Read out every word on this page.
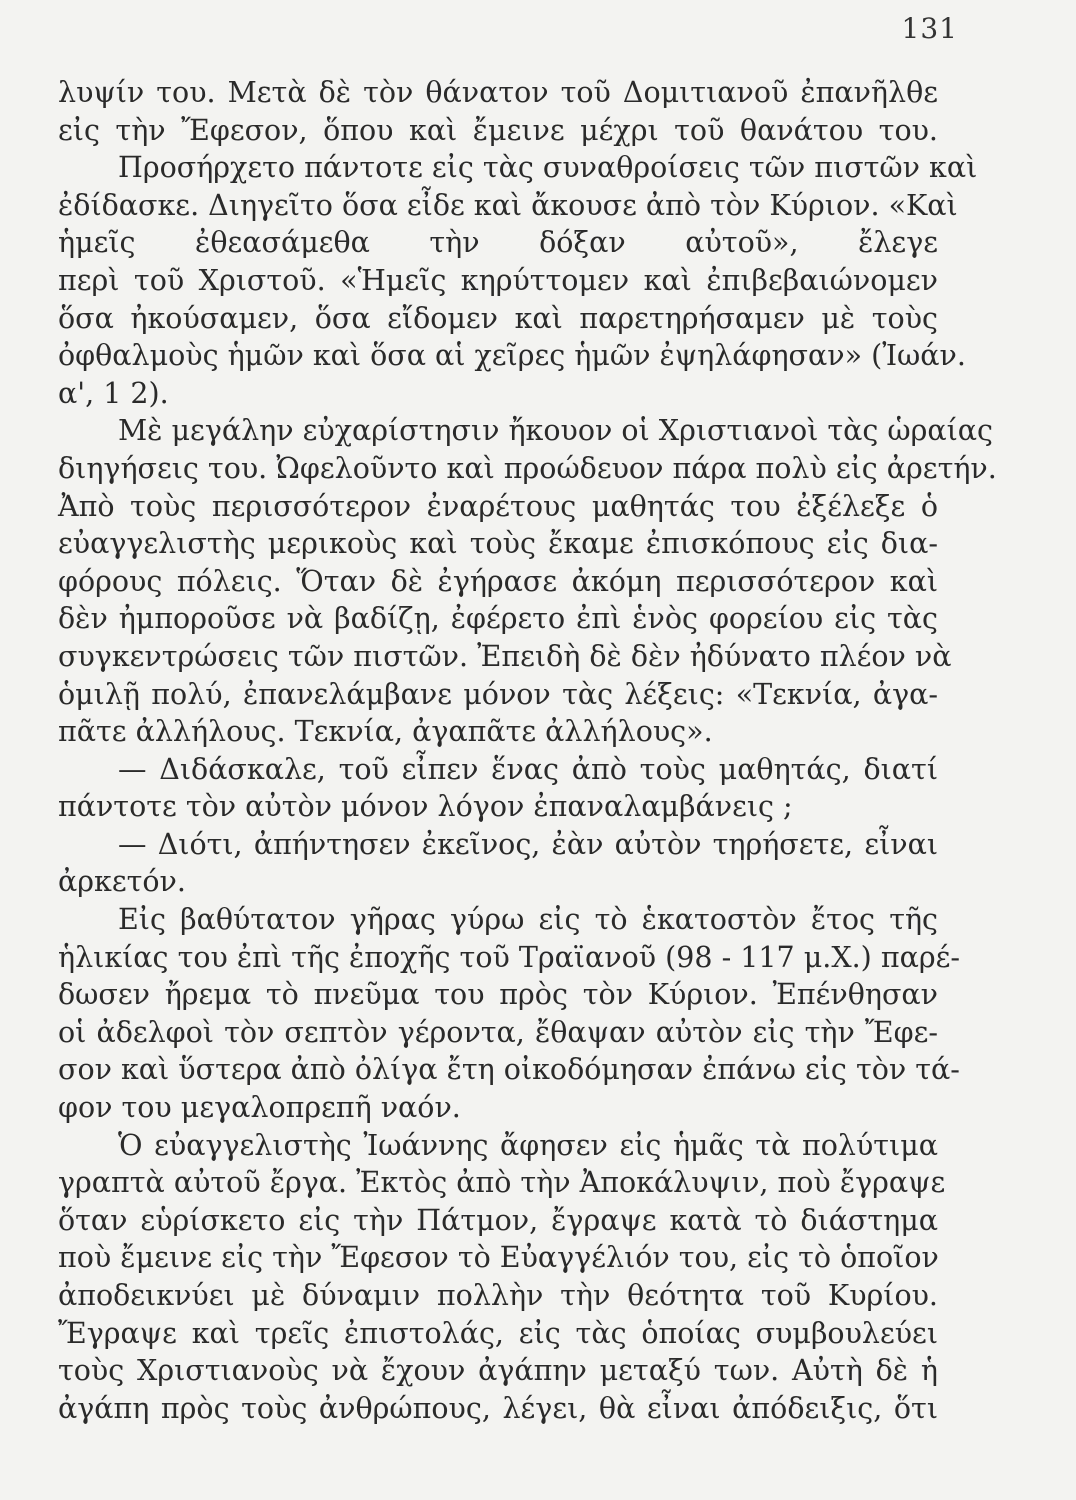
131
λυψίν του. Μετὰ δὲ τὸν θάνατον τοῦ Δομιτιανοῦ ἐπανῆλθε
εἰς τὴν Ἔφεσον, ὅπου καὶ ἔμεινε μέχρι τοῦ θανάτου του.
Προσήρχετο πάντοτε εἰς τὰς συναθροίσεις τῶν πιστῶν καὶ
ἐδίδασκε. Διηγεῖτο ὅσα εἶδε καὶ ἄκουσε ἀπὸ τὸν Κύριον. «Καὶ
ἡμεῖς ἐθεασάμεθα τὴν δόξαν αὐτοῦ», ἔλεγε
περὶ τοῦ Χριστοῦ. «Ἡμεῖς κηρύττομεν καὶ ἐπιβεβαιώνομεν
ὅσα ἠκούσαμεν, ὅσα εἴδομεν καὶ παρετηρήσαμεν μὲ τοὺς
ὀφθαλμοὺς ἡμῶν καὶ ὅσα αἱ χεῖρες ἡμῶν ἐψηλάφησαν» (Ἰωάν.
α', 1 2).
Μὲ μεγάλην εὐχαρίστησιν ἤκουον οἱ Χριστιανοὶ τὰς ὡραίας
διηγήσεις του. Ὠφελοῦντο καὶ προώδευον πάρα πολὺ εἰς ἀρετήν.
Ἀπὸ τοὺς περισσότερον ἐναρέτους μαθητάς του ἐξέλεξε ὁ
εὐαγγελιστὴς μερικοὺς καὶ τοὺς ἔκαμε ἐπισκόπους εἰς δια-
φόρους πόλεις. Ὅταν δὲ ἐγήρασε ἀκόμη περισσότερον καὶ
δὲν ἠμποροῦσε νὰ βαδίζῃ, ἐφέρετο ἐπὶ ἑνὸς φορείου εἰς τὰς
συγκεντρώσεις τῶν πιστῶν. Ἐπειδὴ δὲ δὲν ἠδύνατο πλέον νὰ
ὁμιλῇ πολύ, ἐπανελάμβανε μόνον τὰς λέξεις: «Τεκνία, ἀγα-
πᾶτε ἀλλήλους. Τεκνία, ἀγαπᾶτε ἀλλήλους».
— Διδάσκαλε, τοῦ εἶπεν ἕνας ἀπὸ τοὺς μαθητάς, διατί
πάντοτε τὸν αὐτὸν μόνον λόγον ἐπαναλαμβάνεις ;
— Διότι, ἀπήντησεν ἐκεῖνος, ἐὰν αὐτὸν τηρήσετε, εἶναι
ἀρκετόν.
Εἰς βαθύτατον γῆρας γύρω εἰς τὸ ἑκατοστὸν ἔτος τῆς
ἡλικίας του ἐπὶ τῆς ἐποχῆς τοῦ Τραϊανοῦ (98 - 117 μ.Χ.) παρέ-
δωσεν ἤρεμα τὸ πνεῦμα του πρὸς τὸν Κύριον. Ἐπένθησαν
οἱ ἀδελφοὶ τὸν σεπτὸν γέροντα, ἔθαψαν αὐτὸν εἰς τὴν Ἔφε-
σον καὶ ὕστερα ἀπὸ ὀλίγα ἔτη οἰκοδόμησαν ἐπάνω εἰς τὸν τά-
φον του μεγαλοπρεπῆ ναόν.
Ὁ εὐαγγελιστὴς Ἰωάννης ἄφησεν εἰς ἡμᾶς τὰ πολύτιμα
γραπτὰ αὐτοῦ ἔργα. Ἐκτὸς ἀπὸ τὴν Ἀποκάλυψιν, ποὺ ἔγραψε
ὅταν εὑρίσκετο εἰς τὴν Πάτμον, ἔγραψε κατὰ τὸ διάστημα
ποὺ ἔμεινε εἰς τὴν Ἔφεσον τὸ Εὐαγγέλιόν του, εἰς τὸ ὁποῖον
ἀποδεικνύει μὲ δύναμιν πολλὴν τὴν θεότητα τοῦ Κυρίου.
Ἔγραψε καὶ τρεῖς ἐπιστολάς, εἰς τὰς ὁποίας συμβουλεύει
τοὺς Χριστιανοὺς νὰ ἔχουν ἀγάπην μεταξύ των. Αὐτὴ δὲ ἡ
ἀγάπη πρὸς τοὺς ἀνθρώπους, λέγει, θὰ εἶναι ἀπόδειξις, ὅτι
